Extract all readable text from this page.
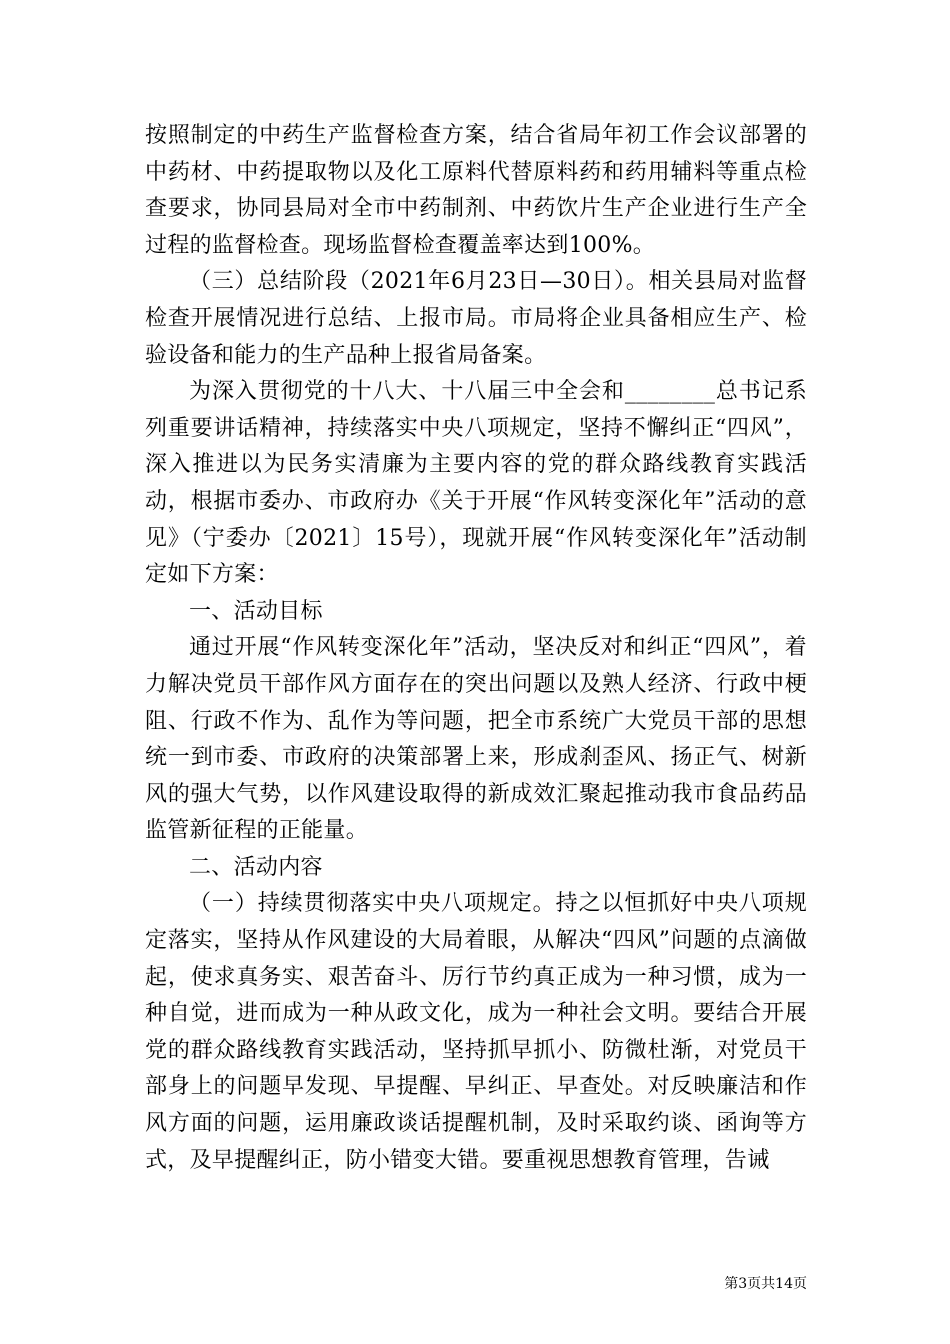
按照制定的中药生产监督检查方案，结合省局年初工作会议部署的中药材、中药提取物以及化工原料代替原料药和药用辅料等重点检查要求，协同县局对全市中药制剂、中药饮片生产企业进行生产全过程的监督检查。现场监督检查覆盖率达到100%。

（三）总结阶段（2021年6月23日—30日）。相关县局对监督检查开展情况进行总结、上报市局。市局将企业具备相应生产、检验设备和能力的生产品种上报省局备案。

为深入贯彻党的十八大、十八届三中全会和________总书记系列重要讲话精神，持续落实中央八项规定，坚持不懈纠正“四风”，深入推进以为民务实清廉为主要内容的党的群众路线教育实践活动，根据市委办、市政府办《关于开展“作风转变深化年”活动的意见》（宁委办〔2021〕15号），现就开展“作风转变深化年”活动制定如下方案：

一、活动目标

通过开展“作风转变深化年”活动，坚决反对和纠正“四风”，着力解决党员干部作风方面存在的突出问题以及熟人经济、行政中梗阻、行政不作为、乱作为等问题，把全市系统广大党员干部的思想统一到市委、市政府的决策部署上来，形成刹歪风、扬正气、树新风的强大气势，以作风建设取得的新成效汇聚起推动我市食品药品监管新征程的正能量。

二、活动内容

（一）持续贯彻落实中央八项规定。持之以恒抓好中央八项规定落实，坚持从作风建设的大局着眼，从解决“四风”问题的点滴做起，使求真务实、艰苦奋斗、厉行节约真正成为一种习惯，成为一种自觉，进而成为一种从政文化，成为一种社会文明。要结合开展党的群众路线教育实践活动，坚持抓早抓小、防微杜渐，对党员干部身上的问题早发现、早提醒、早纠正、早查处。对反映廉洁和作风方面的问题，运用廉政谈话提醒机制，及时采取约谈、函询等方式，及早提醒纠正，防小错变大错。要重视思想教育管理，告诫

第3页共14页
